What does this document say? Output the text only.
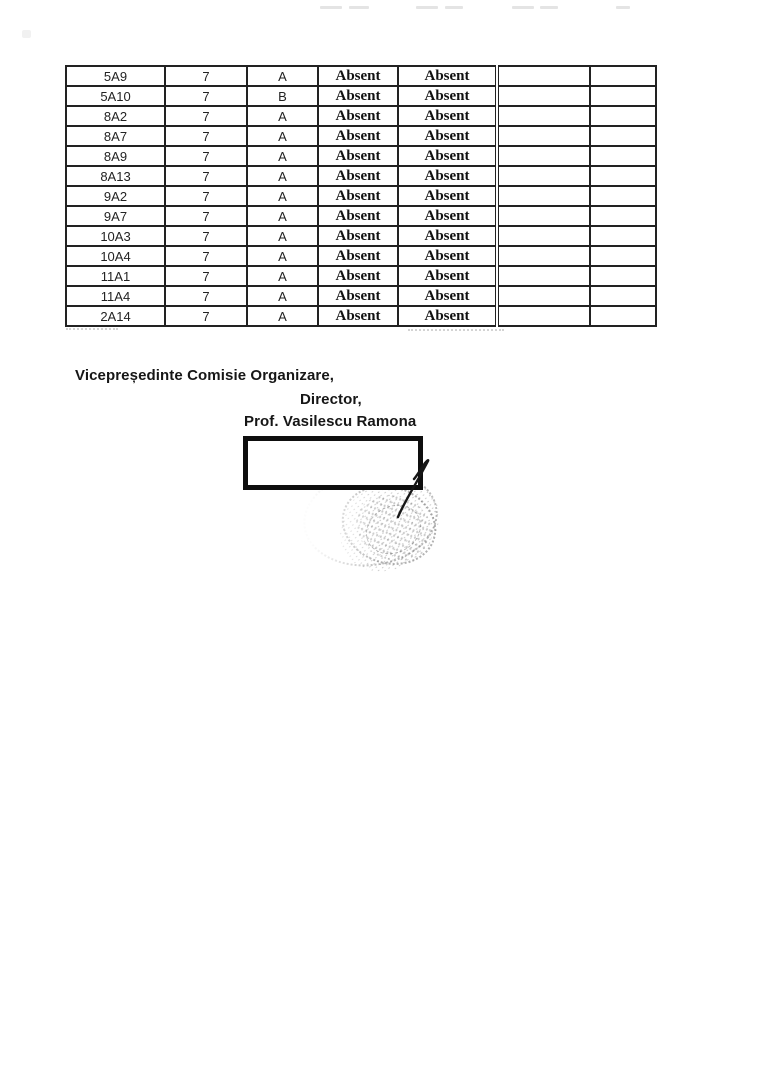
5A9	7	A	Absent	Absent		
5A10	7	B	Absent	Absent		
8A2	7	A	Absent	Absent		
8A7	7	A	Absent	Absent		
8A9	7	A	Absent	Absent		
8A13	7	A	Absent	Absent		
9A2	7	A	Absent	Absent		
9A7	7	A	Absent	Absent		
10A3	7	A	Absent	Absent		
10A4	7	A	Absent	Absent		
11A1	7	A	Absent	Absent		
11A4	7	A	Absent	Absent		
2A14	7	A	Absent	Absent		
Vicepreședinte Comisie Organizare,
Director,
Prof. Vasilescu Ramona
